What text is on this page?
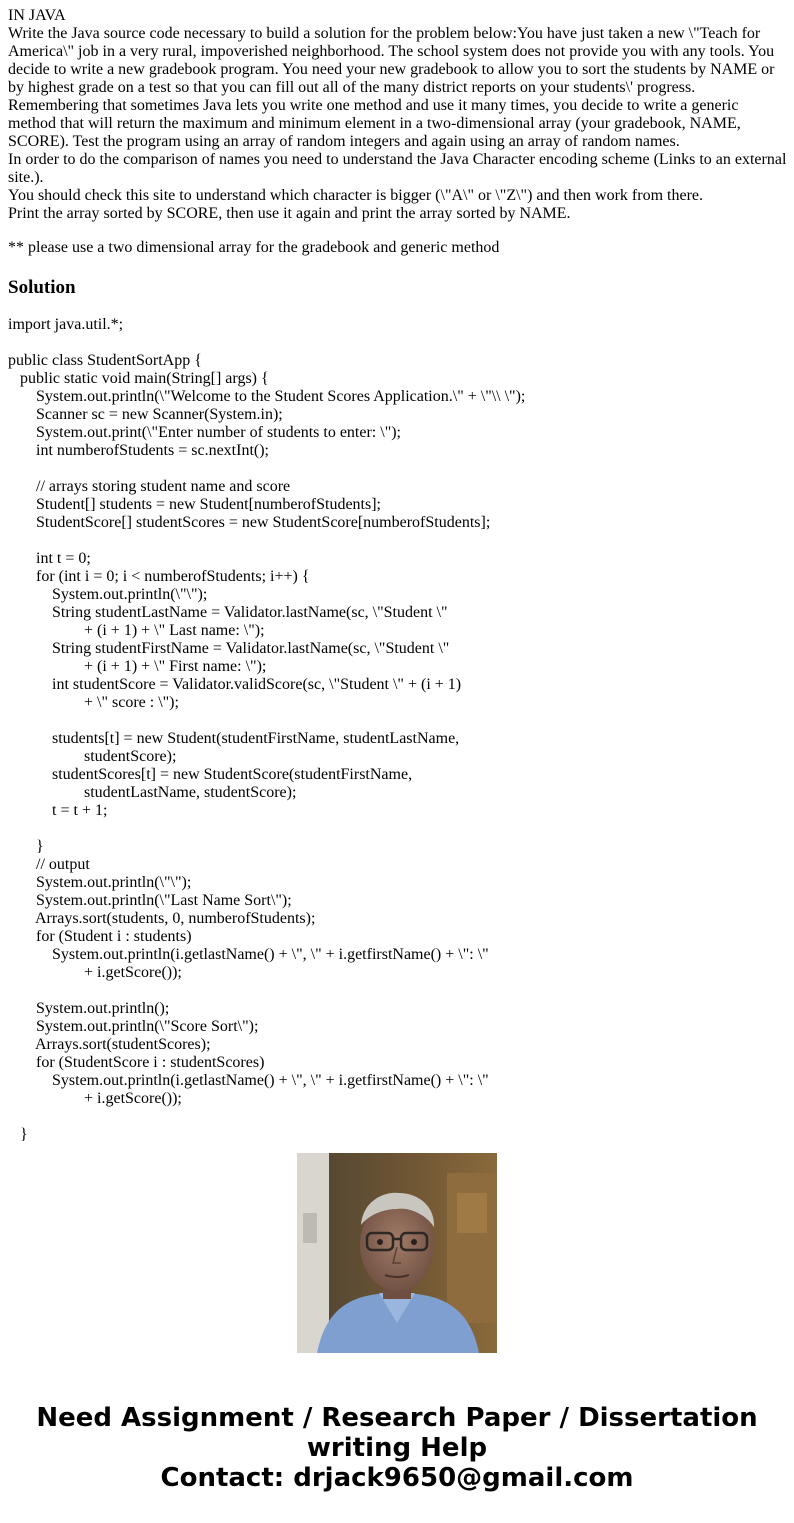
IN JAVA
Write the Java source code necessary to build a solution for the problem below:You have just taken a new \"Teach for America\" job in a very rural, impoverished neighborhood. The school system does not provide you with any tools. You decide to write a new gradebook program. You need your new gradebook to allow you to sort the students by NAME or by highest grade on a test so that you can fill out all of the many district reports on your students\' progress.
Remembering that sometimes Java lets you write one method and use it many times, you decide to write a generic method that will return the maximum and minimum element in a two-dimensional array (your gradebook, NAME, SCORE). Test the program using an array of random integers and again using an array of random names.
In order to do the comparison of names you need to understand the Java Character encoding scheme (Links to an external site.).
You should check this site to understand which character is bigger (\"A\" or \"Z\") and then work from there.
Print the array sorted by SCORE, then use it again and print the array sorted by NAME.
** please use a two dimensional array for the gradebook and generic method
Solution
import java.util.*;
public class StudentSortApp {
public static void main(String[] args) {
System.out.println(\"Welcome to the Student Scores Application.\" + \"\\ \");
Scanner sc = new Scanner(System.in);
System.out.print(\"Enter number of students to enter: \");
int numberofStudents = sc.nextInt();
// arrays storing student name and score
Student[] students = new Student[numberofStudents];
StudentScore[] studentScores = new StudentScore[numberofStudents];
int t = 0;
for (int i = 0; i < numberofStudents; i++) {
System.out.println(\"\");
String studentLastName = Validator.lastName(sc, \"Student \"
+ (i + 1) + \" Last name: \");
String studentFirstName = Validator.lastName(sc, \"Student \"
+ (i + 1) + \" First name: \");
int studentScore = Validator.validScore(sc, \"Student \" + (i + 1)
+ \" score : \");
students[t] = new Student(studentFirstName, studentLastName,
studentScore);
studentScores[t] = new StudentScore(studentFirstName,
studentLastName, studentScore);
t = t + 1;
}
// output
System.out.println(\"\");
System.out.println(\"Last Name Sort\");
Arrays.sort(students, 0, numberofStudents);
for (Student i : students)
System.out.println(i.getlastName() + \", \" + i.getfirstName() + \": \"
+ i.getScore());
System.out.println();
System.out.println(\"Score Sort\");
Arrays.sort(studentScores);
for (StudentScore i : studentScores)
System.out.println(i.getlastName() + \", \" + i.getfirstName() + \": \"
+ i.getScore());
}
Need Assignment / Research Paper / Dissertation
writing Help
Contact: drjack9650@gmail.com
